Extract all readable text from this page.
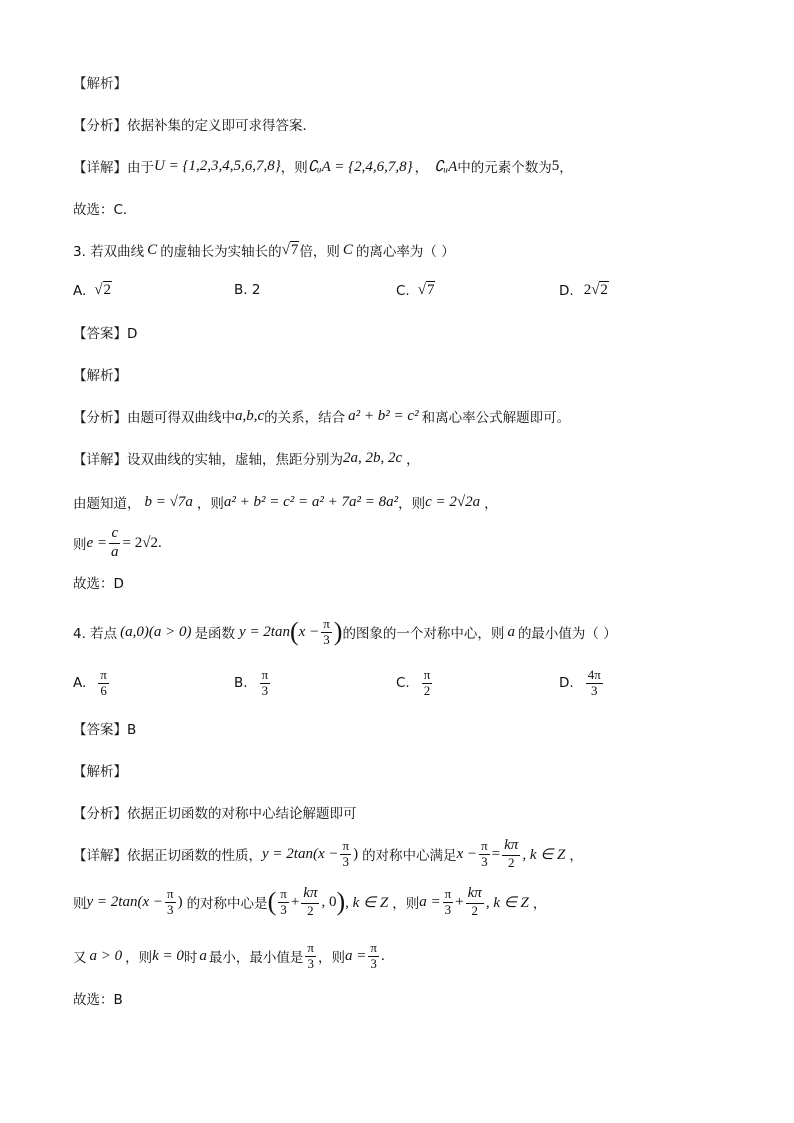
【解析】
【分析】依据补集的定义即可求得答案．
【详解】由于 U = {1,2,3,4,5,6,7,8} ，则 ∁ᵤA = {2,4,6,7,8} ， ∁ᵤA 中的元素个数为 5 ，
故选：C．
3. 若双曲线 C 的虚轴长为实轴长的 √7 倍，则 C 的离心率为（ ）
A. √2	B. 2	C. √7	D. 2 √2
【答案】D
【解析】
【分析】由题可得双曲线中 a,b,c 的关系，结合 a² + b² = c² 和离心率公式解题即可。
【详解】设双曲线的实轴，虚轴，焦距分别为 2a, 2b, 2c ，
由题知道， b = √7a ，则 a² + b² = c² = a² + 7a² = 8a² ，则 c = 2√2a ，
则 $e = \frac{c}{a} = 2√2$.
故选：D
4. 若点 (a,0)(a > 0) 是函数 y = 2tan ( $x - \frac{\pi}{3}$ ) 的图象的一个对称中心，则 a 的最小值为（ ）
A. $\frac{\pi}{6}$	B. $\frac{\pi}{3}$	C. $\frac{\pi}{2}$	D. $\frac{4\pi}{3}$
【答案】B
【解析】
【分析】依据正切函数的对称中心结论解题即可
【详解】依据正切函数的性质， $y = 2\tan(x - \frac{\pi}{3}$ ) 的对称中心满足 $x - \frac{\pi}{3} = \frac{k\pi}{2}$ , k ∈ Z ，
则 $y = 2\tan(x - \frac{\pi}{3}$ ) 的对称中心是 ( $\frac{\pi}{3} + \frac{k\pi}{2}$ , 0 ) , k ∈ Z ，则 $a = \frac{\pi}{3} + \frac{k\pi}{2}$ , k ∈ Z ，
又 a > 0 ，则 k = 0 时 a 最小，最小值是 $\frac{\pi}{3}$ ，则 $a = \frac{\pi}{3}$ .
故选：B
